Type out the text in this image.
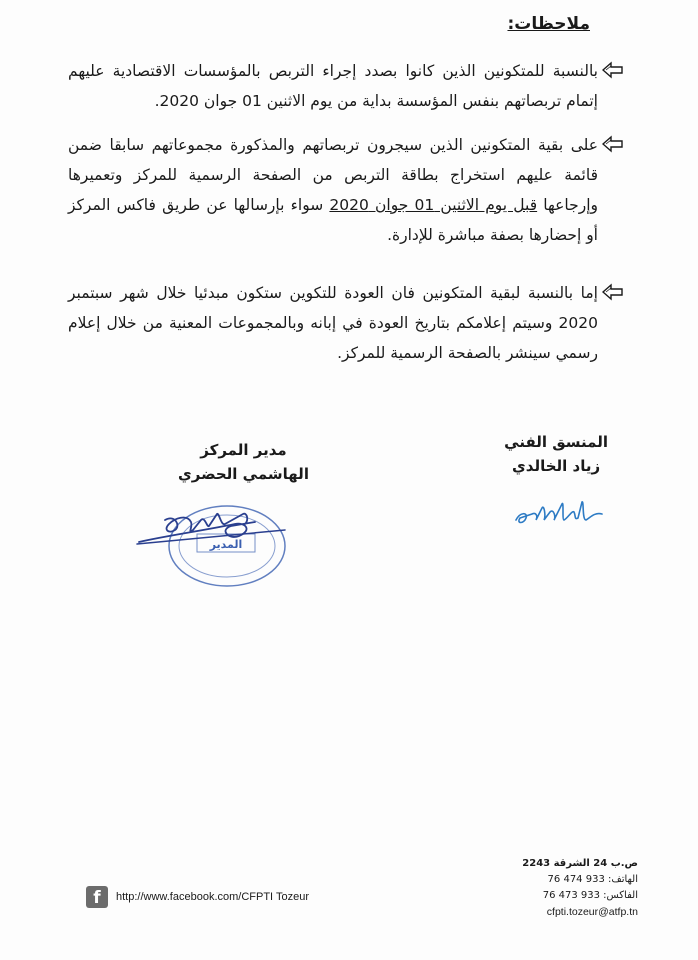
ملاحظات:

بالنسبة للمتكونين الذين كانوا بصدد إجراء التربص بالمؤسسات الاقتصادية عليهم إتمام تربصاتهم بنفس المؤسسة بداية من يوم الاثنين 01 جوان 2020.

على بقية المتكونين الذين سيجرون تربصاتهم والمذكورة مجموعاتهم سابقا ضمن قائمة عليهم استخراج بطاقة التربص من الصفحة الرسمية للمركز وتعميرها وإرجاعها قبل يوم الاثنين 01 جوان 2020 سواء بإرسالها عن طريق فاكس المركز أو إحضارها بصفة مباشرة للإدارة.

إما بالنسبة لبقية المتكونين فان العودة للتكوين ستكون مبدئيا خلال شهر سبتمبر 2020 وسيتم إعلامكم بتاريخ العودة في إبانه وبالمجموعات المعنية من خلال إعلام رسمي سينشر بالصفحة الرسمية للمركز.

المنسق الفني
زياد الخالدي
مدير المركز
الهاشمي الحضري
المدير
f	http://www.facebook.com/CFPTI Tozeur
ص.ب 24 الشرقة 2243
الهاتف: 933 474 76
الفاكس: 933 473 76
cfpti.tozeur@atfp.tn
